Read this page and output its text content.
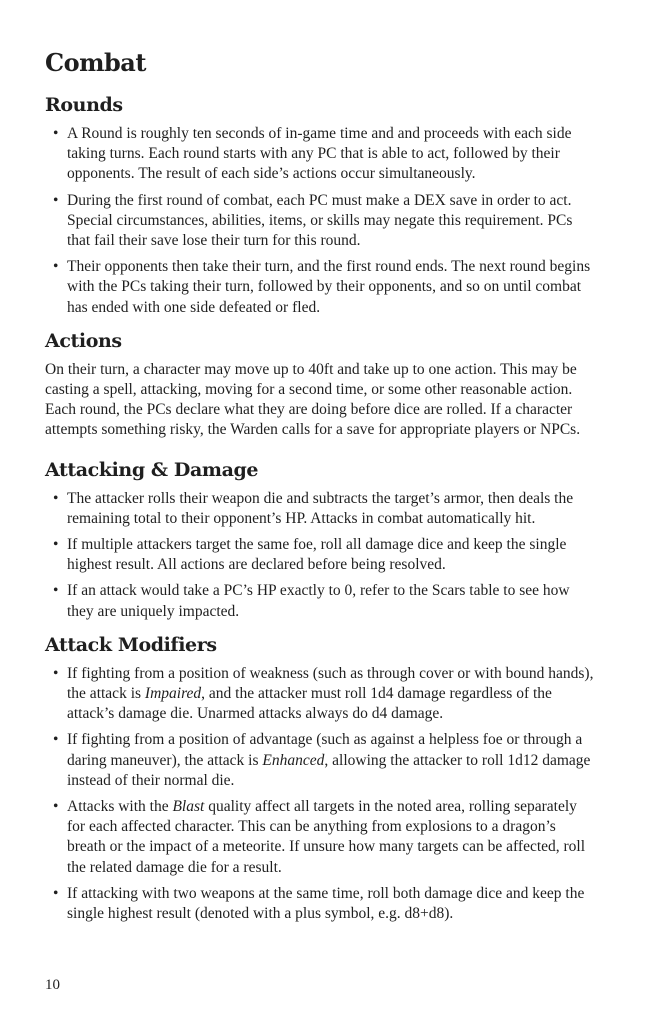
Combat
Rounds
• A Round is roughly ten seconds of in-game time and and proceeds with each side taking turns. Each round starts with any PC that is able to act, followed by their opponents. The result of each side’s actions occur simultaneously.
• During the first round of combat, each PC must make a DEX save in order to act. Special circumstances, abilities, items, or skills may negate this requirement. PCs that fail their save lose their turn for this round.
• Their opponents then take their turn, and the first round ends. The next round begins with the PCs taking their turn, followed by their opponents, and so on until combat has ended with one side defeated or fled.
Actions

On their turn, a character may move up to 40ft and take up to one action. This may be casting a spell, attacking, moving for a second time, or some other reasonable action. Each round, the PCs declare what they are doing before dice are rolled. If a character attempts something risky, the Warden calls for a save for appropriate players or NPCs.

Attacking & Damage
• The attacker rolls their weapon die and subtracts the target’s armor, then deals the remaining total to their opponent’s HP. Attacks in combat automatically hit.
• If multiple attackers target the same foe, roll all damage dice and keep the single highest result. All actions are declared before being resolved.
• If an attack would take a PC’s HP exactly to 0, refer to the Scars table to see how they are uniquely impacted.
Attack Modifiers
• If fighting from a position of weakness (such as through cover or with bound hands), the attack is Impaired, and the attacker must roll 1d4 damage regardless of the attack’s damage die. Unarmed attacks always do d4 damage.
• If fighting from a position of advantage (such as against a helpless foe or through a daring maneuver), the attack is Enhanced, allowing the attacker to roll 1d12 damage instead of their normal die.
• Attacks with the Blast quality affect all targets in the noted area, rolling separately for each affected character. This can be anything from explosions to a dragon’s breath or the impact of a meteorite. If unsure how many targets can be affected, roll the related damage die for a result.
• If attacking with two weapons at the same time, roll both damage dice and keep the single highest result (denoted with a plus symbol, e.g. d8+d8).
10
